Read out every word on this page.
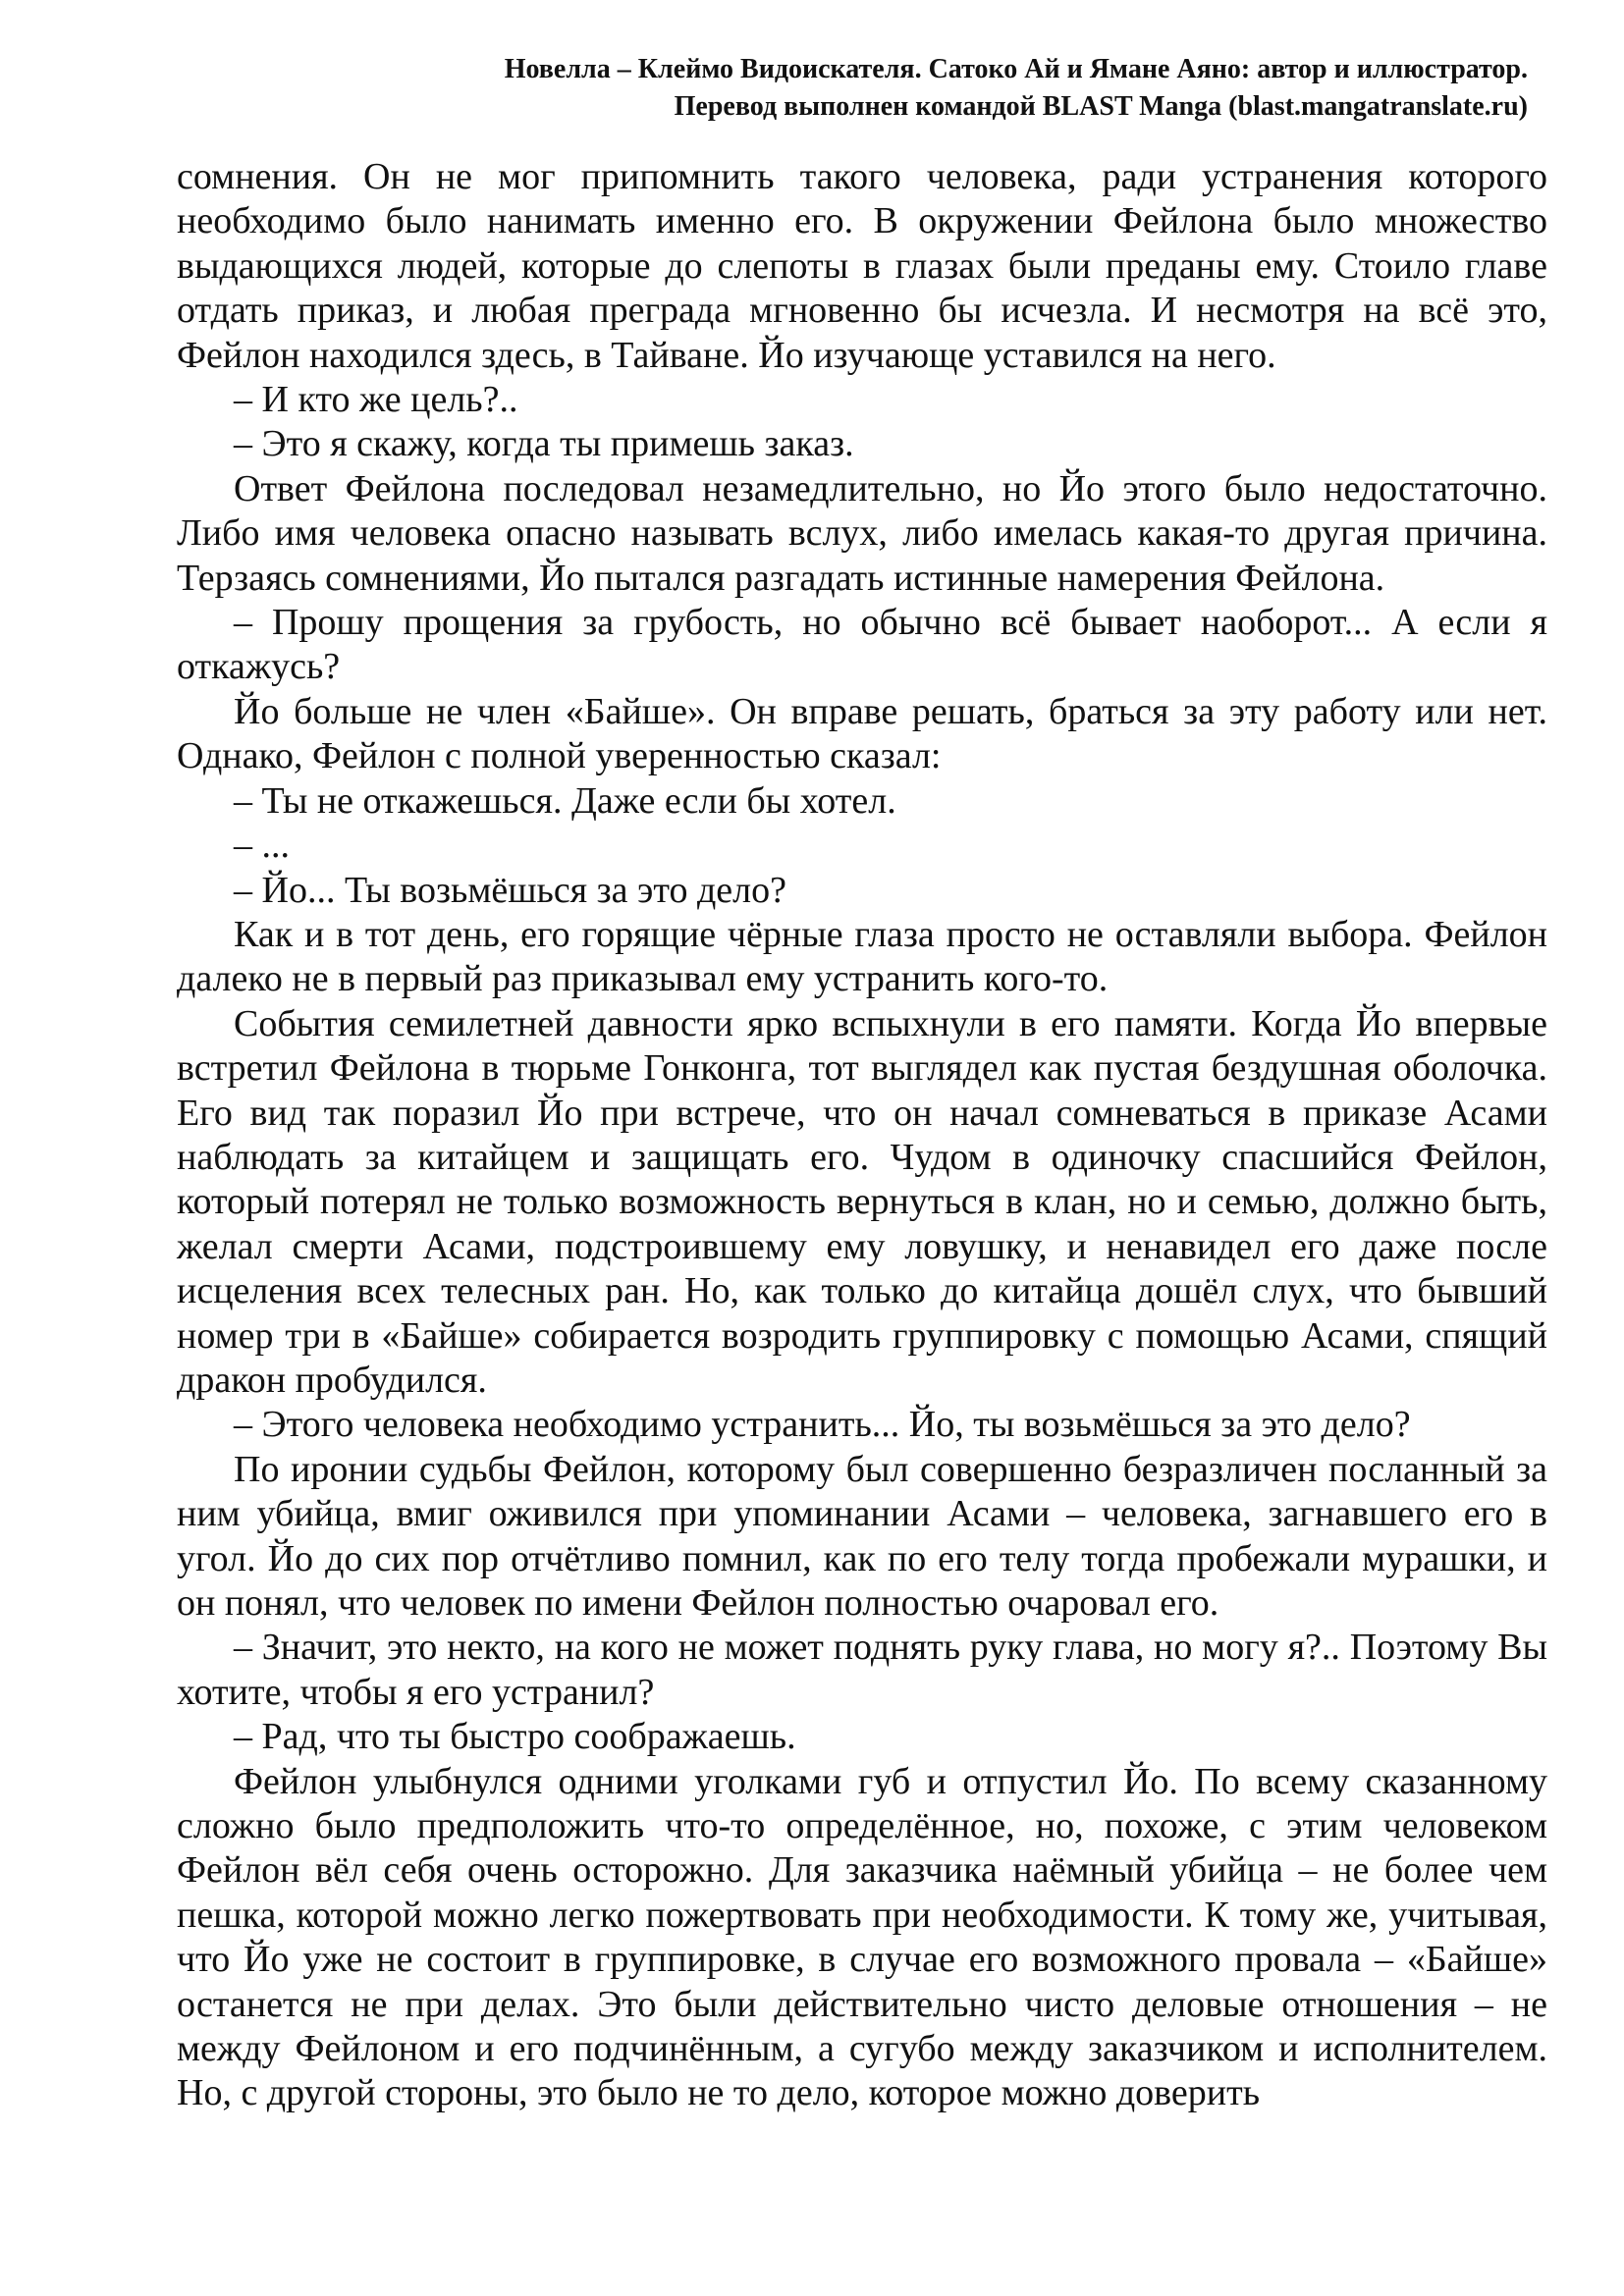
Новелла – Клеймо Видоискателя. Сатоко Ай и Ямане Аяно: автор и иллюстратор.
Перевод выполнен командой BLAST Manga (blast.mangatranslate.ru)

сомнения. Он не мог припомнить такого человека, ради устранения которого необходимо было нанимать именно его. В окружении Фейлона было множество выдающихся людей, которые до слепоты в глазах были преданы ему. Стоило главе отдать приказ, и любая преграда мгновенно бы исчезла. И несмотря на всё это, Фейлон находился здесь, в Тайване. Йо изучающе уставился на него.

– И кто же цель?..

– Это я скажу, когда ты примешь заказ.

Ответ Фейлона последовал незамедлительно, но Йо этого было недостаточно. Либо имя человека опасно называть вслух, либо имелась какая-то другая причина. Терзаясь сомнениями, Йо пытался разгадать истинные намерения Фейлона.

– Прошу прощения за грубость, но обычно всё бывает наоборот... А если я откажусь?

Йо больше не член «Байше». Он вправе решать, браться за эту работу или нет. Однако, Фейлон с полной уверенностью сказал:

– Ты не откажешься. Даже если бы хотел.

– ...

– Йо... Ты возьмёшься за это дело?

Как и в тот день, его горящие чёрные глаза просто не оставляли выбора. Фейлон далеко не в первый раз приказывал ему устранить кого-то.

События семилетней давности ярко вспыхнули в его памяти. Когда Йо впервые встретил Фейлона в тюрьме Гонконга, тот выглядел как пустая бездушная оболочка. Его вид так поразил Йо при встрече, что он начал сомневаться в приказе Асами наблюдать за китайцем и защищать его. Чудом в одиночку спасшийся Фейлон, который потерял не только возможность вернуться в клан, но и семью, должно быть, желал смерти Асами, подстроившему ему ловушку, и ненавидел его даже после исцеления всех телесных ран. Но, как только до китайца дошёл слух, что бывший номер три в «Байше» собирается возродить группировку с помощью Асами, спящий дракон пробудился.

– Этого человека необходимо устранить... Йо, ты возьмёшься за это дело?

По иронии судьбы Фейлон, которому был совершенно безразличен посланный за ним убийца, вмиг оживился при упоминании Асами – человека, загнавшего его в угол. Йо до сих пор отчётливо помнил, как по его телу тогда пробежали мурашки, и он понял, что человек по имени Фейлон полностью очаровал его.

– Значит, это некто, на кого не может поднять руку глава, но могу я?.. Поэтому Вы хотите, чтобы я его устранил?

– Рад, что ты быстро соображаешь.

Фейлон улыбнулся одними уголками губ и отпустил Йо. По всему сказанному сложно было предположить что-то определённое, но, похоже, с этим человеком Фейлон вёл себя очень осторожно. Для заказчика наёмный убийца – не более чем пешка, которой можно легко пожертвовать при необходимости. К тому же, учитывая, что Йо уже не состоит в группировке, в случае его возможного провала – «Байше» останется не при делах. Это были действительно чисто деловые отношения – не между Фейлоном и его подчинённым, а сугубо между заказчиком и исполнителем. Но, с другой стороны, это было не то дело, которое можно доверить
